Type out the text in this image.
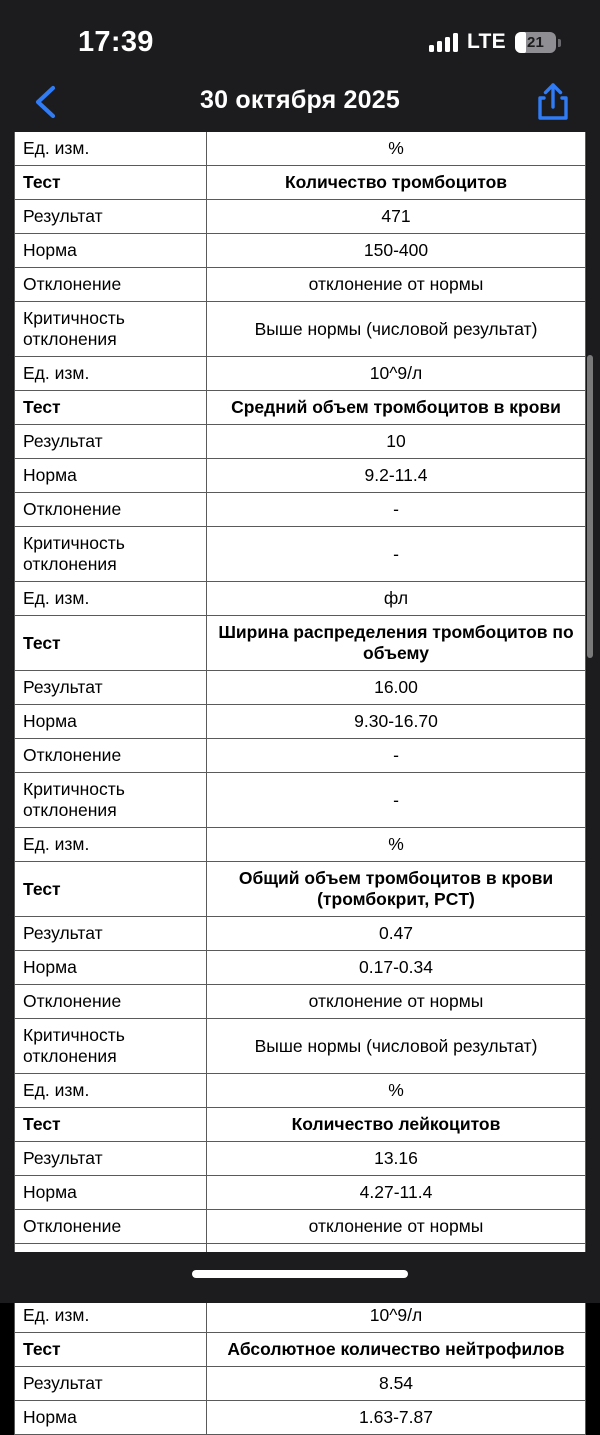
17:39	LTE	21
30 октября 2025

Ед. изм.	%
Тест	Количество тромбоцитов
Результат	471
Норма	150-400
Отклонение	отклонение от нормы
Критичность отклонения	Выше нормы (числовой результат)
Ед. изм.	10^9/л
Тест	Средний объем тромбоцитов в крови
Результат	10
Норма	9.2-11.4
Отклонение	-
Критичность отклонения	-
Ед. изм.	фл
Тест	Ширина распределения тромбоцитов по объему
Результат	16.00
Норма	9.30-16.70
Отклонение	-
Критичность отклонения	-
Ед. изм.	%
Тест	Общий объем тромбоцитов в крови (тромбокрит, PCT)
Результат	0.47
Норма	0.17-0.34
Отклонение	отклонение от нормы
Критичность отклонения	Выше нормы (числовой результат)
Ед. изм.	%
Тест	Количество лейкоцитов
Результат	13.16
Норма	4.27-11.4
Отклонение	отклонение от нормы

Ед. изм.	10^9/л
Тест	Абсолютное количество нейтрофилов
Результат	8.54
Норма	1.63-7.87
